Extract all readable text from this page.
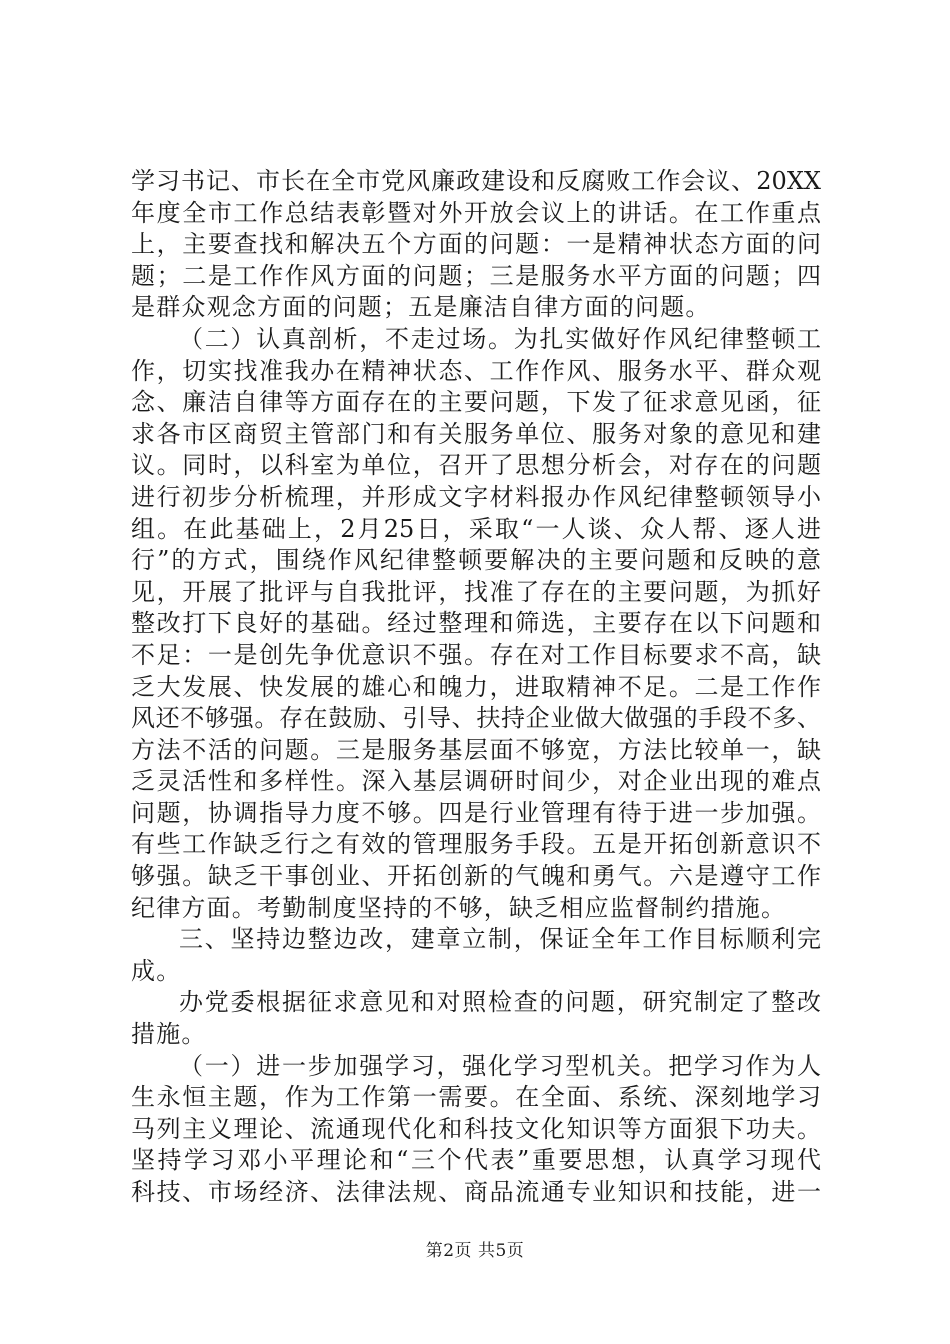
学习书记、市长在全市党风廉政建设和反腐败工作会议、20XX
年度全市工作总结表彰暨对外开放会议上的讲话。在工作重点
上，主要查找和解决五个方面的问题：一是精神状态方面的问
题；二是工作作风方面的问题；三是服务水平方面的问题；四
是群众观念方面的问题；五是廉洁自律方面的问题。
（二）认真剖析，不走过场。为扎实做好作风纪律整顿工
作，切实找准我办在精神状态、工作作风、服务水平、群众观
念、廉洁自律等方面存在的主要问题，下发了征求意见函，征
求各市区商贸主管部门和有关服务单位、服务对象的意见和建
议。同时，以科室为单位，召开了思想分析会，对存在的问题
进行初步分析梳理，并形成文字材料报办作风纪律整顿领导小
组。在此基础上，2月25日，采取“一人谈、众人帮、逐人进
行”的方式，围绕作风纪律整顿要解决的主要问题和反映的意
见，开展了批评与自我批评，找准了存在的主要问题，为抓好
整改打下良好的基础。经过整理和筛选，主要存在以下问题和
不足：一是创先争优意识不强。存在对工作目标要求不高，缺
乏大发展、快发展的雄心和魄力，进取精神不足。二是工作作
风还不够强。存在鼓励、引导、扶持企业做大做强的手段不多、
方法不活的问题。三是服务基层面不够宽，方法比较单一，缺
乏灵活性和多样性。深入基层调研时间少，对企业出现的难点
问题，协调指导力度不够。四是行业管理有待于进一步加强。
有些工作缺乏行之有效的管理服务手段。五是开拓创新意识不
够强。缺乏干事创业、开拓创新的气魄和勇气。六是遵守工作
纪律方面。考勤制度坚持的不够，缺乏相应监督制约措施。
三、坚持边整边改，建章立制，保证全年工作目标顺利完
成。
办党委根据征求意见和对照检查的问题，研究制定了整改
措施。
（一）进一步加强学习，强化学习型机关。把学习作为人
生永恒主题，作为工作第一需要。在全面、系统、深刻地学习
马列主义理论、流通现代化和科技文化知识等方面狠下功夫。
坚持学习邓小平理论和“三个代表”重要思想，认真学习现代
科技、市场经济、法律法规、商品流通专业知识和技能，进一
第2页 共5页
